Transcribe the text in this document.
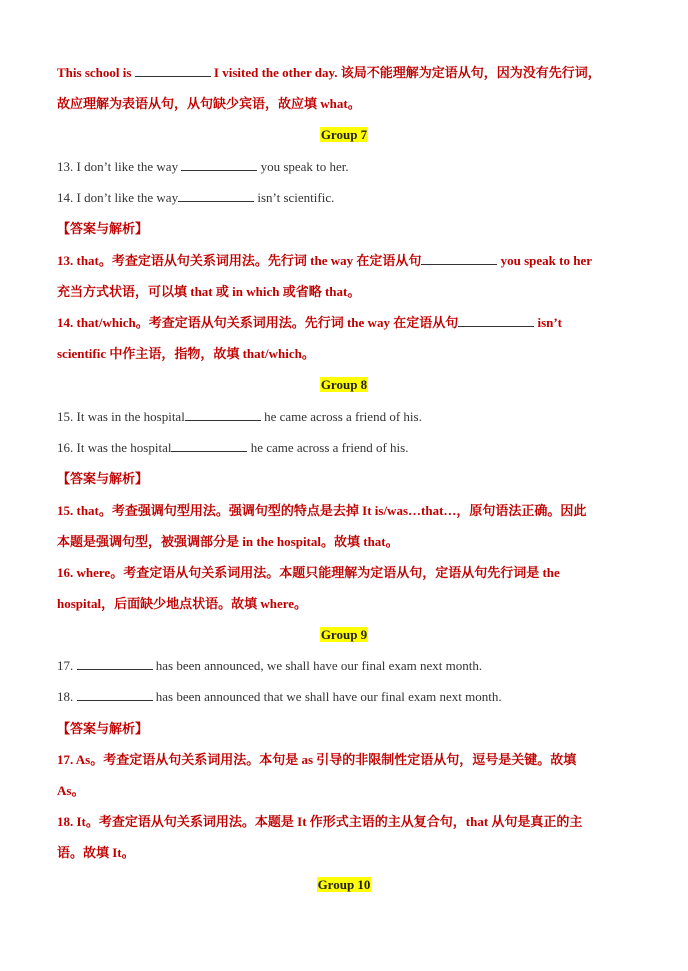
This school is	I visited the other day. 该局不能理解为定语从句，因为没有先行词，
故应理解为表语从句，从句缺少宾语，故应填 what。
Group 7
13. I don’t like the way	you speak to her.
14. I don’t like the way	isn’t scientific.
【答案与解析】
13. that。考查定语从句关系词用法。先行词 the way 在定语从句	you speak to her
充当方式状语，可以填 that 或 in which 或省略 that。
14. that/which。考查定语从句关系词用法。先行词 the way 在定语从句	isn’t
scientific 中作主语，指物，故填 that/which。
Group 8
15. It was in the hospital	he came across a friend of his.
16. It was the hospital	he came across a friend of his.
【答案与解析】
15. that。考查强调句型用法。强调句型的特点是去掉 It is/was…that…，原句语法正确。因此
本题是强调句型，被强调部分是 in the hospital。故填 that。
16. where。考查定语从句关系词用法。本题只能理解为定语从句，定语从句先行词是 the
hospital，后面缺少地点状语。故填 where。
Group 9
17.	has been announced, we shall have our final exam next month.
18.	has been announced that we shall have our final exam next month.
【答案与解析】
17. As。考查定语从句关系词用法。本句是 as 引导的非限制性定语从句，逗号是关键。故填
As。
18. It。考查定语从句关系词用法。本题是 It 作形式主语的主从复合句，that 从句是真正的主
语。故填 It。
Group 10
